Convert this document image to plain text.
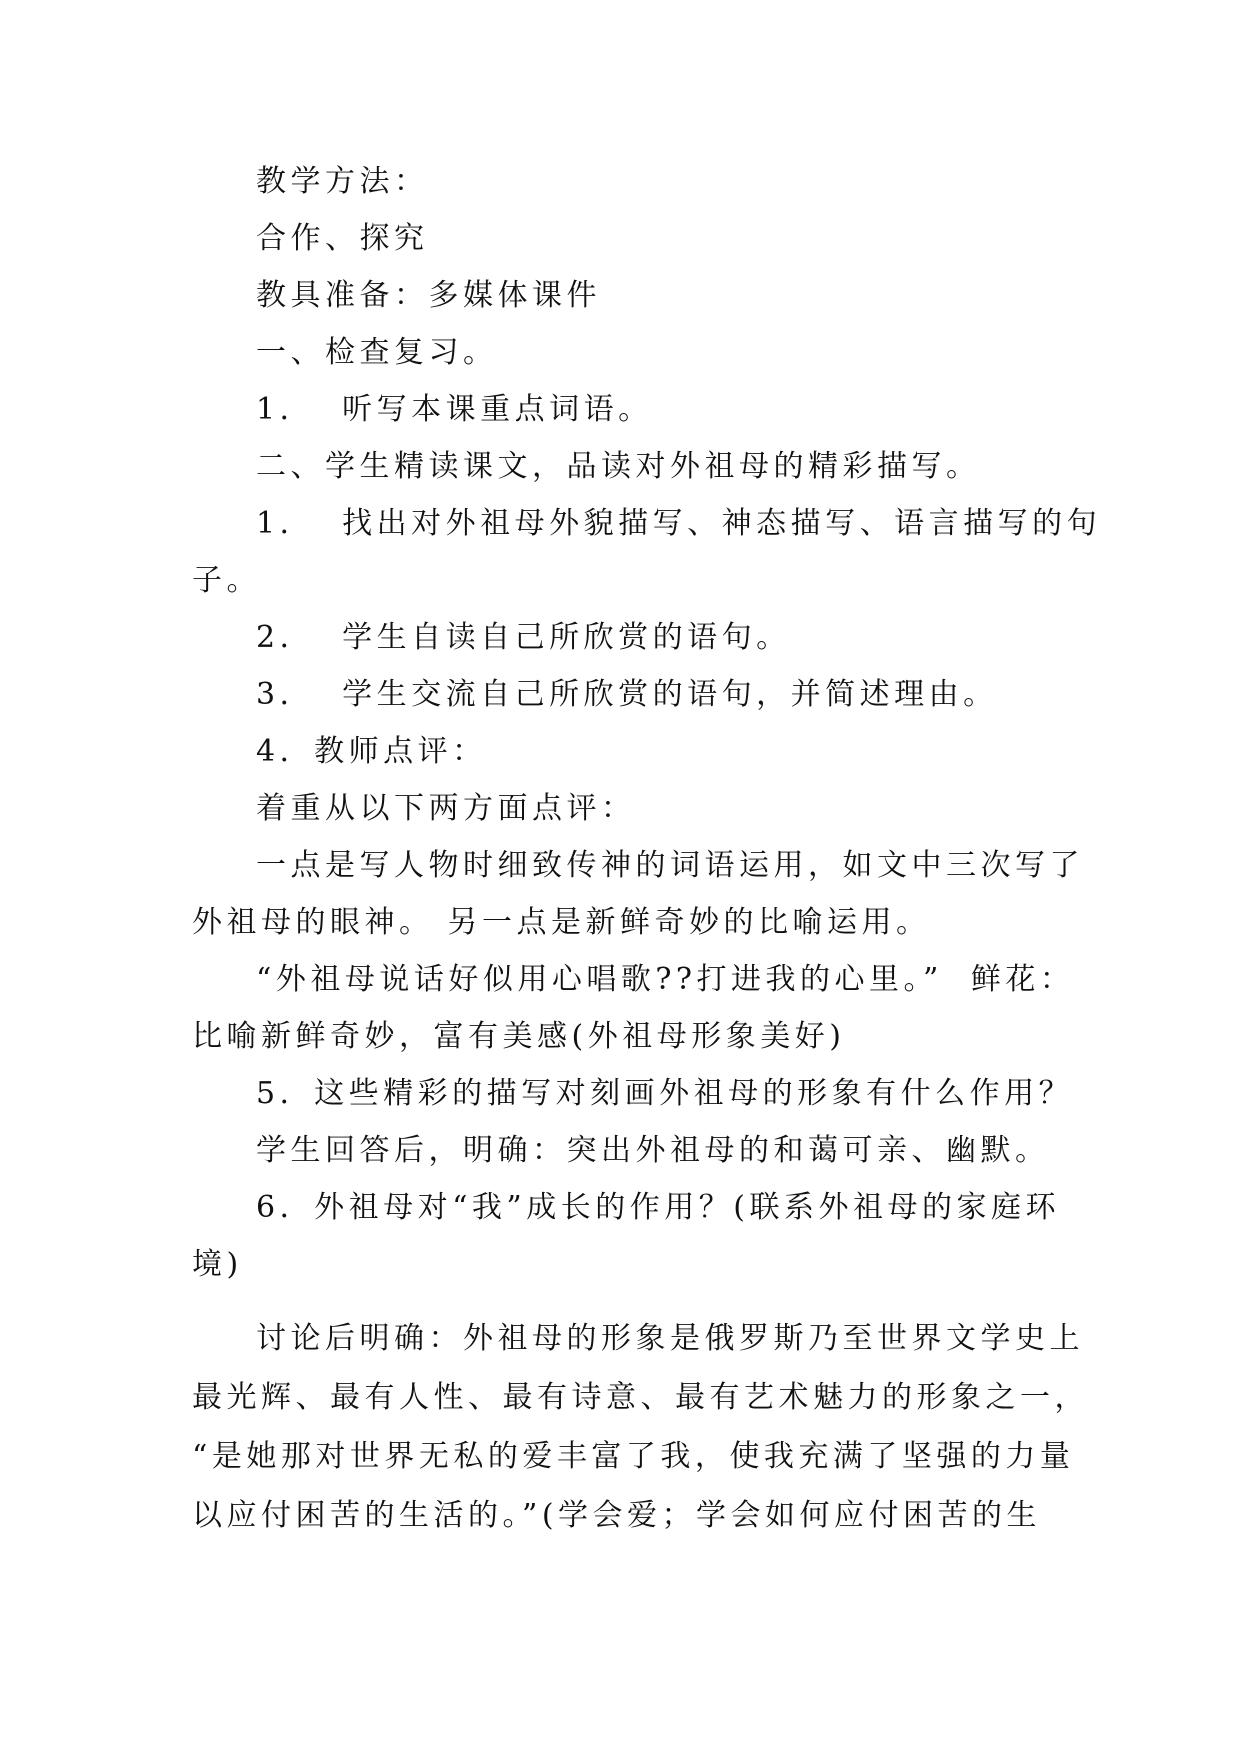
教学方法：
合作、探究
教具准备：多媒体课件
一、检查复习。
1．  听写本课重点词语。
二、学生精读课文，品读对外祖母的精彩描写。
1．  找出对外祖母外貌描写、神态描写、语言描写的句
子。
2．  学生自读自己所欣赏的语句。
3．  学生交流自己所欣赏的语句，并简述理由。
4．教师点评：
着重从以下两方面点评：
一点是写人物时细致传神的词语运用，如文中三次写了
外祖母的眼神。 另一点是新鲜奇妙的比喻运用。
“外祖母说话好似用心唱歌??打进我的心里。”  鲜花：
比喻新鲜奇妙，富有美感(外祖母形象美好)
5．这些精彩的描写对刻画外祖母的形象有什么作用？
学生回答后，明确：突出外祖母的和蔼可亲、幽默。
6．外祖母对“我”成长的作用？(联系外祖母的家庭环
境)
讨论后明确：外祖母的形象是俄罗斯乃至世界文学史上
最光辉、最有人性、最有诗意、最有艺术魅力的形象之一，
“是她那对世界无私的爱丰富了我，使我充满了坚强的力量
以应付困苦的生活的。”(学会爱；学会如何应付困苦的生
